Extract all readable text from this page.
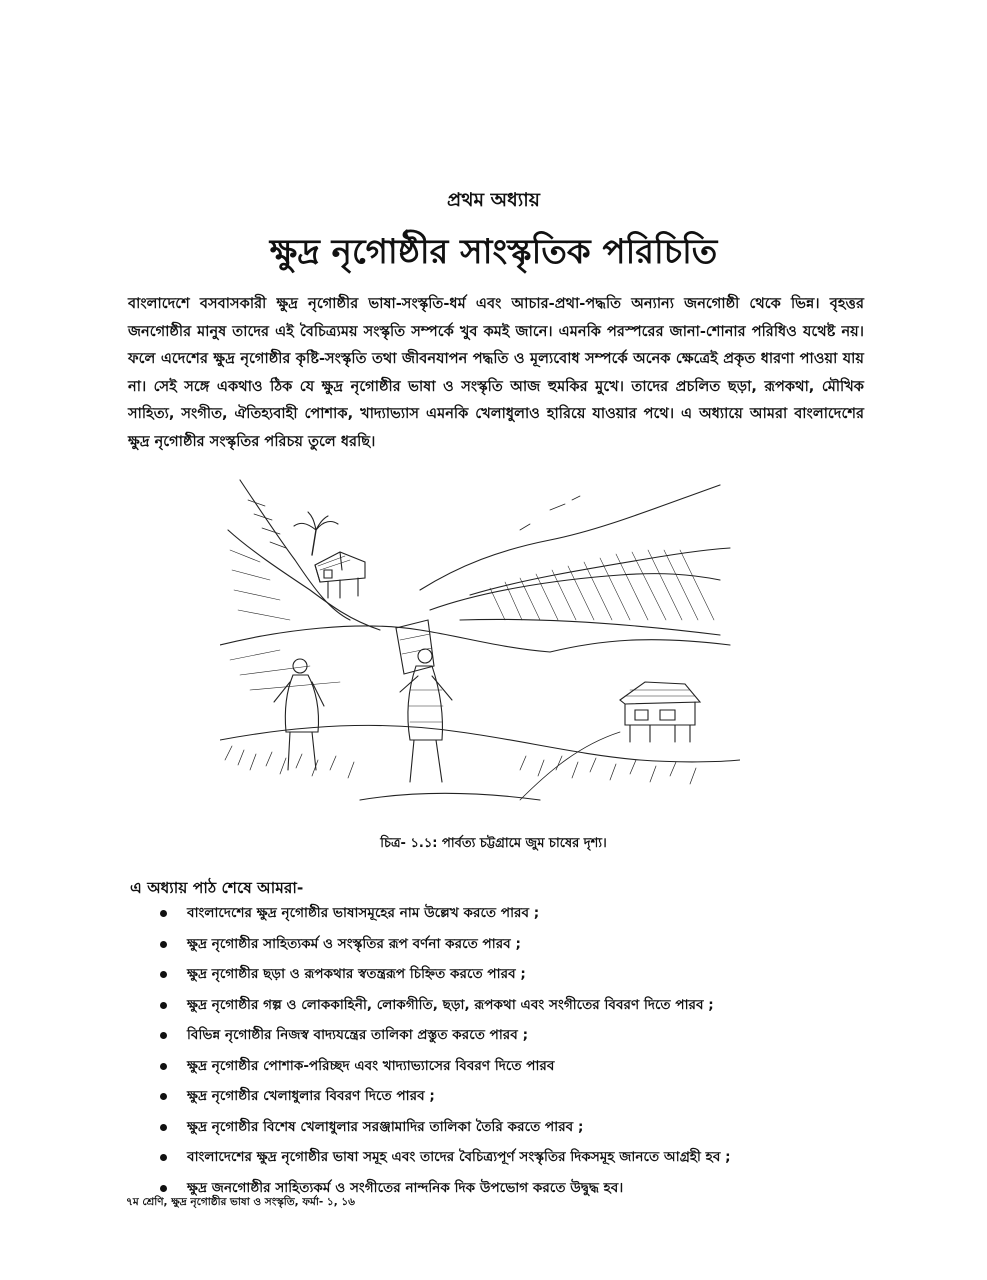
প্রথম অধ্যায়
ক্ষুদ্র নৃগোষ্ঠীর সাংস্কৃতিক পরিচিতি

বাংলাদেশে বসবাসকারী ক্ষুদ্র নৃগোষ্ঠীর ভাষা-সংস্কৃতি-ধর্ম এবং আচার-প্রথা-পদ্ধতি অন্যান্য জনগোষ্ঠী থেকে ভিন্ন। বৃহত্তর জনগোষ্ঠীর মানুষ তাদের এই বৈচিত্র্যময় সংস্কৃতি সম্পর্কে খুব কমই জানে। এমনকি পরস্পরের জানা-শোনার পরিধিও যথেষ্ট নয়। ফলে এদেশের ক্ষুদ্র নৃগোষ্ঠীর কৃষ্টি-সংস্কৃতি তথা জীবনযাপন পদ্ধতি ও মূল্যবোধ সম্পর্কে অনেক ক্ষেত্রেই প্রকৃত ধারণা পাওয়া যায় না। সেই সঙ্গে একথাও ঠিক যে ক্ষুদ্র নৃগোষ্ঠীর ভাষা ও সংস্কৃতি আজ হুমকির মুখে। তাদের প্রচলিত ছড়া, রূপকথা, মৌখিক সাহিত্য, সংগীত, ঐতিহ্যবাহী পোশাক, খাদ্যাভ্যাস এমনকি খেলাধুলাও হারিয়ে যাওয়ার পথে। এ অধ্যায়ে আমরা বাংলাদেশের ক্ষুদ্র নৃগোষ্ঠীর সংস্কৃতির পরিচয় তুলে ধরছি।

চিত্র- ১.১: পার্বত্য চট্টগ্রামে জুম চাষের দৃশ্য।
এ অধ্যায় পাঠ শেষে আমরা-
বাংলাদেশের ক্ষুদ্র নৃগোষ্ঠীর ভাষাসমূহের নাম উল্লেখ করতে পারব ;
ক্ষুদ্র নৃগোষ্ঠীর সাহিত্যকর্ম ও সংস্কৃতির রূপ বর্ণনা করতে পারব ;
ক্ষুদ্র নৃগোষ্ঠীর ছড়া ও রূপকথার স্বতন্ত্ররূপ চিহ্নিত করতে পারব ;
ক্ষুদ্র নৃগোষ্ঠীর গল্প ও লোককাহিনী, লোকগীতি, ছড়া, রূপকথা এবং সংগীতের বিবরণ দিতে পারব ;
বিভিন্ন নৃগোষ্ঠীর নিজস্ব বাদ্যযন্ত্রের তালিকা প্রস্তুত করতে পারব ;
ক্ষুদ্র নৃগোষ্ঠীর পোশাক-পরিচ্ছদ এবং খাদ্যাভ্যাসের বিবরণ দিতে পারব
ক্ষুদ্র নৃগোষ্ঠীর খেলাধুলার বিবরণ দিতে পারব ;
ক্ষুদ্র নৃগোষ্ঠীর বিশেষ খেলাধুলার সরঞ্জামাদির তালিকা তৈরি করতে পারব ;
বাংলাদেশের ক্ষুদ্র নৃগোষ্ঠীর ভাষা সমূহ এবং তাদের বৈচিত্র্যপূর্ণ সংস্কৃতির দিকসমূহ জানতে আগ্রহী হব ;
ক্ষুদ্র জনগোষ্ঠীর সাহিত্যকর্ম ও সংগীতের নান্দনিক দিক উপভোগ করতে উদ্বুদ্ধ হব।
৭ম শ্রেণি, ক্ষুদ্র নৃগোষ্ঠীর ভাষা ও সংস্কৃতি, ফর্মা- ১, ১৬
